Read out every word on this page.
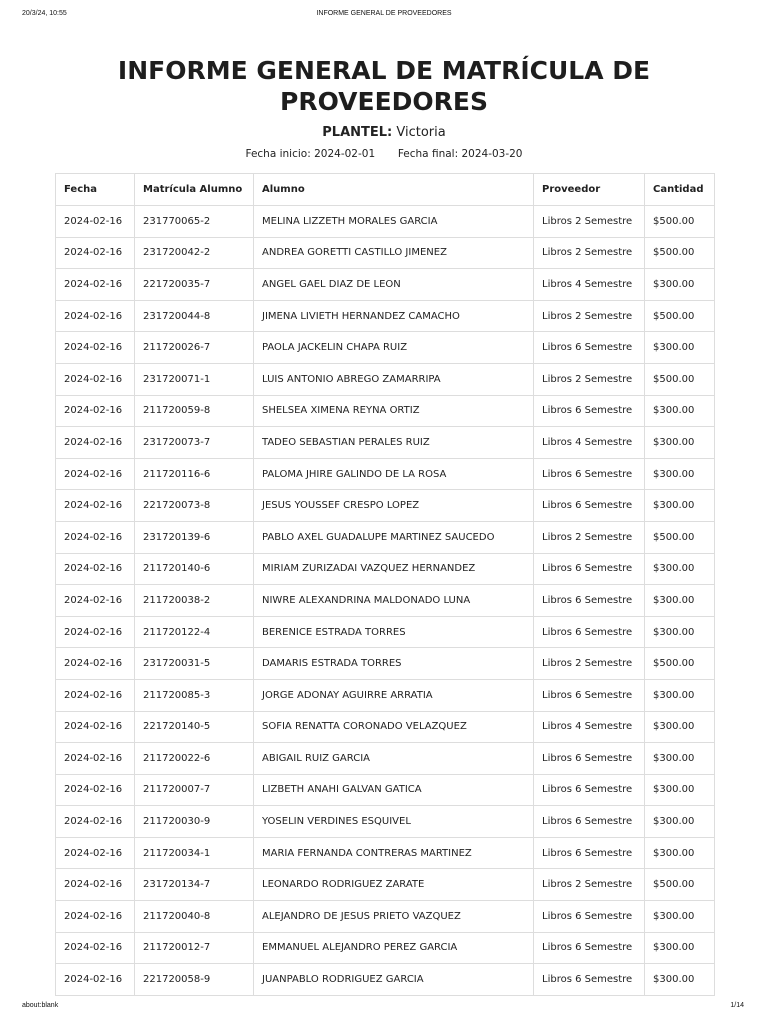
20/3/24, 10:55	INFORME GENERAL DE PROVEEDORES
INFORME GENERAL DE MATRÍCULA DE PROVEEDORES
PLANTEL: Victoria
Fecha inicio: 2024-02-01 Fecha final: 2024-03-20
Fecha	Matrícula Alumno	Alumno	Proveedor	Cantidad
2024-02-16	231770065-2	MELINA LIZZETH MORALES GARCIA	Libros 2 Semestre	$500.00
2024-02-16	231720042-2	ANDREA GORETTI CASTILLO JIMENEZ	Libros 2 Semestre	$500.00
2024-02-16	221720035-7	ANGEL GAEL DIAZ DE LEON	Libros 4 Semestre	$300.00
2024-02-16	231720044-8	JIMENA LIVIETH HERNANDEZ CAMACHO	Libros 2 Semestre	$500.00
2024-02-16	211720026-7	PAOLA JACKELIN CHAPA RUIZ	Libros 6 Semestre	$300.00
2024-02-16	231720071-1	LUIS ANTONIO ABREGO ZAMARRIPA	Libros 2 Semestre	$500.00
2024-02-16	211720059-8	SHELSEA XIMENA REYNA ORTIZ	Libros 6 Semestre	$300.00
2024-02-16	231720073-7	TADEO SEBASTIAN PERALES RUIZ	Libros 4 Semestre	$300.00
2024-02-16	211720116-6	PALOMA JHIRE GALINDO DE LA ROSA	Libros 6 Semestre	$300.00
2024-02-16	221720073-8	JESUS YOUSSEF CRESPO LOPEZ	Libros 6 Semestre	$300.00
2024-02-16	231720139-6	PABLO AXEL GUADALUPE MARTINEZ SAUCEDO	Libros 2 Semestre	$500.00
2024-02-16	211720140-6	MIRIAM ZURIZADAI VAZQUEZ HERNANDEZ	Libros 6 Semestre	$300.00
2024-02-16	211720038-2	NIWRE ALEXANDRINA MALDONADO LUNA	Libros 6 Semestre	$300.00
2024-02-16	211720122-4	BERENICE ESTRADA TORRES	Libros 6 Semestre	$300.00
2024-02-16	231720031-5	DAMARIS ESTRADA TORRES	Libros 2 Semestre	$500.00
2024-02-16	211720085-3	JORGE ADONAY AGUIRRE ARRATIA	Libros 6 Semestre	$300.00
2024-02-16	221720140-5	SOFIA RENATTA CORONADO VELAZQUEZ	Libros 4 Semestre	$300.00
2024-02-16	211720022-6	ABIGAIL RUIZ GARCIA	Libros 6 Semestre	$300.00
2024-02-16	211720007-7	LIZBETH ANAHI GALVAN GATICA	Libros 6 Semestre	$300.00
2024-02-16	211720030-9	YOSELIN VERDINES ESQUIVEL	Libros 6 Semestre	$300.00
2024-02-16	211720034-1	MARIA FERNANDA CONTRERAS MARTINEZ	Libros 6 Semestre	$300.00
2024-02-16	231720134-7	LEONARDO RODRIGUEZ ZARATE	Libros 2 Semestre	$500.00
2024-02-16	211720040-8	ALEJANDRO DE JESUS PRIETO VAZQUEZ	Libros 6 Semestre	$300.00
2024-02-16	211720012-7	EMMANUEL ALEJANDRO PEREZ GARCIA	Libros 6 Semestre	$300.00
2024-02-16	221720058-9	JUANPABLO RODRIGUEZ GARCIA	Libros 6 Semestre	$300.00
about:blank	1/14
